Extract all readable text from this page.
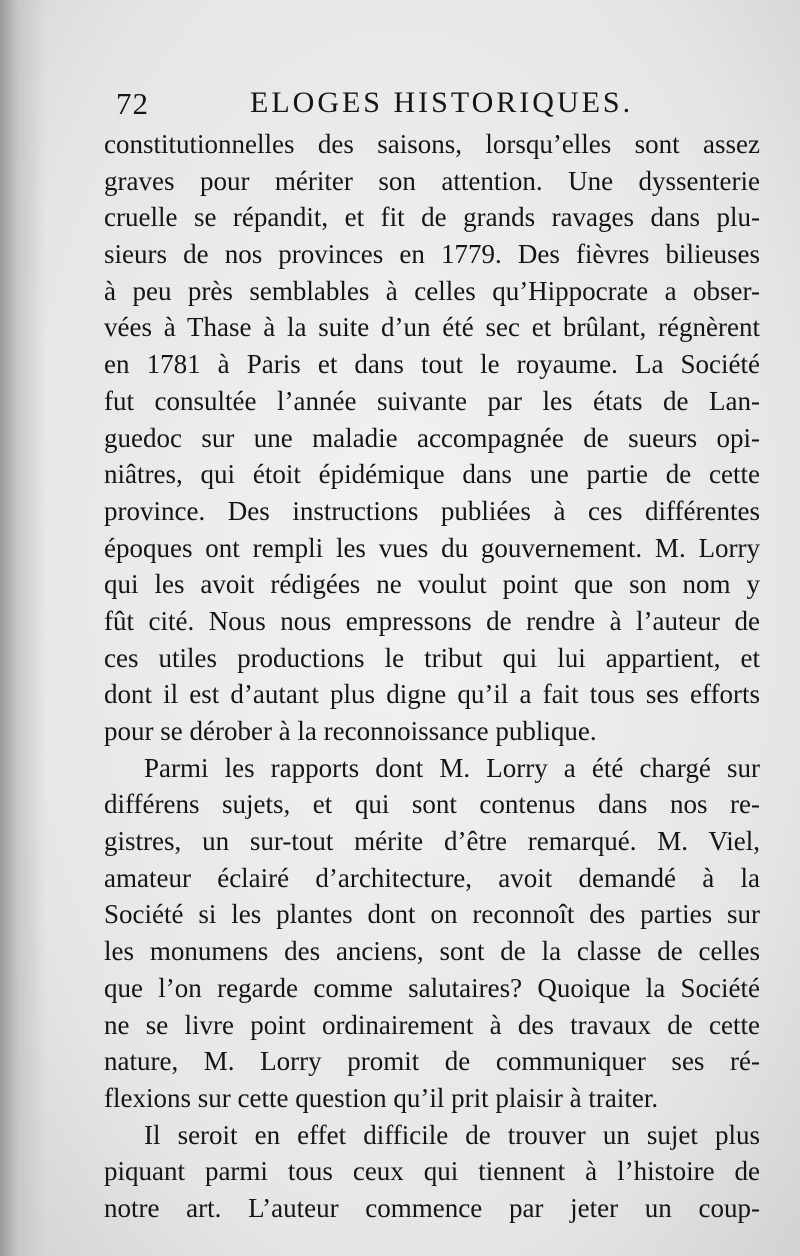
72	ELOGES HISTORIQUES.
constitutionnelles des saisons, lorsqu’elles sont assez
graves pour mériter son attention. Une dyssenterie
cruelle se répandit, et fit de grands ravages dans plu-
sieurs de nos provinces en 1779. Des fièvres bilieuses
à peu près semblables à celles qu’Hippocrate a obser-
vées à Thase à la suite d’un été sec et brûlant, régnèrent
en 1781 à Paris et dans tout le royaume. La Société
fut consultée l’année suivante par les états de Lan-
guedoc sur une maladie accompagnée de sueurs opi-
niâtres, qui étoit épidémique dans une partie de cette
province. Des instructions publiées à ces différentes
époques ont rempli les vues du gouvernement. M. Lorry
qui les avoit rédigées ne voulut point que son nom y
fût cité. Nous nous empressons de rendre à l’auteur de
ces utiles productions le tribut qui lui appartient, et
dont il est d’autant plus digne qu’il a fait tous ses efforts
pour se dérober à la reconnoissance publique.
Parmi les rapports dont M. Lorry a été chargé sur
différens sujets, et qui sont contenus dans nos re-
gistres, un sur-tout mérite d’être remarqué. M. Viel,
amateur éclairé d’architecture, avoit demandé à la
Société si les plantes dont on reconnoît des parties sur
les monumens des anciens, sont de la classe de celles
que l’on regarde comme salutaires? Quoique la Société
ne se livre point ordinairement à des travaux de cette
nature, M. Lorry promit de communiquer ses ré-
flexions sur cette question qu’il prit plaisir à traiter.
Il seroit en effet difficile de trouver un sujet plus
piquant parmi tous ceux qui tiennent à l’histoire de
notre art. L’auteur commence par jeter un coup-
